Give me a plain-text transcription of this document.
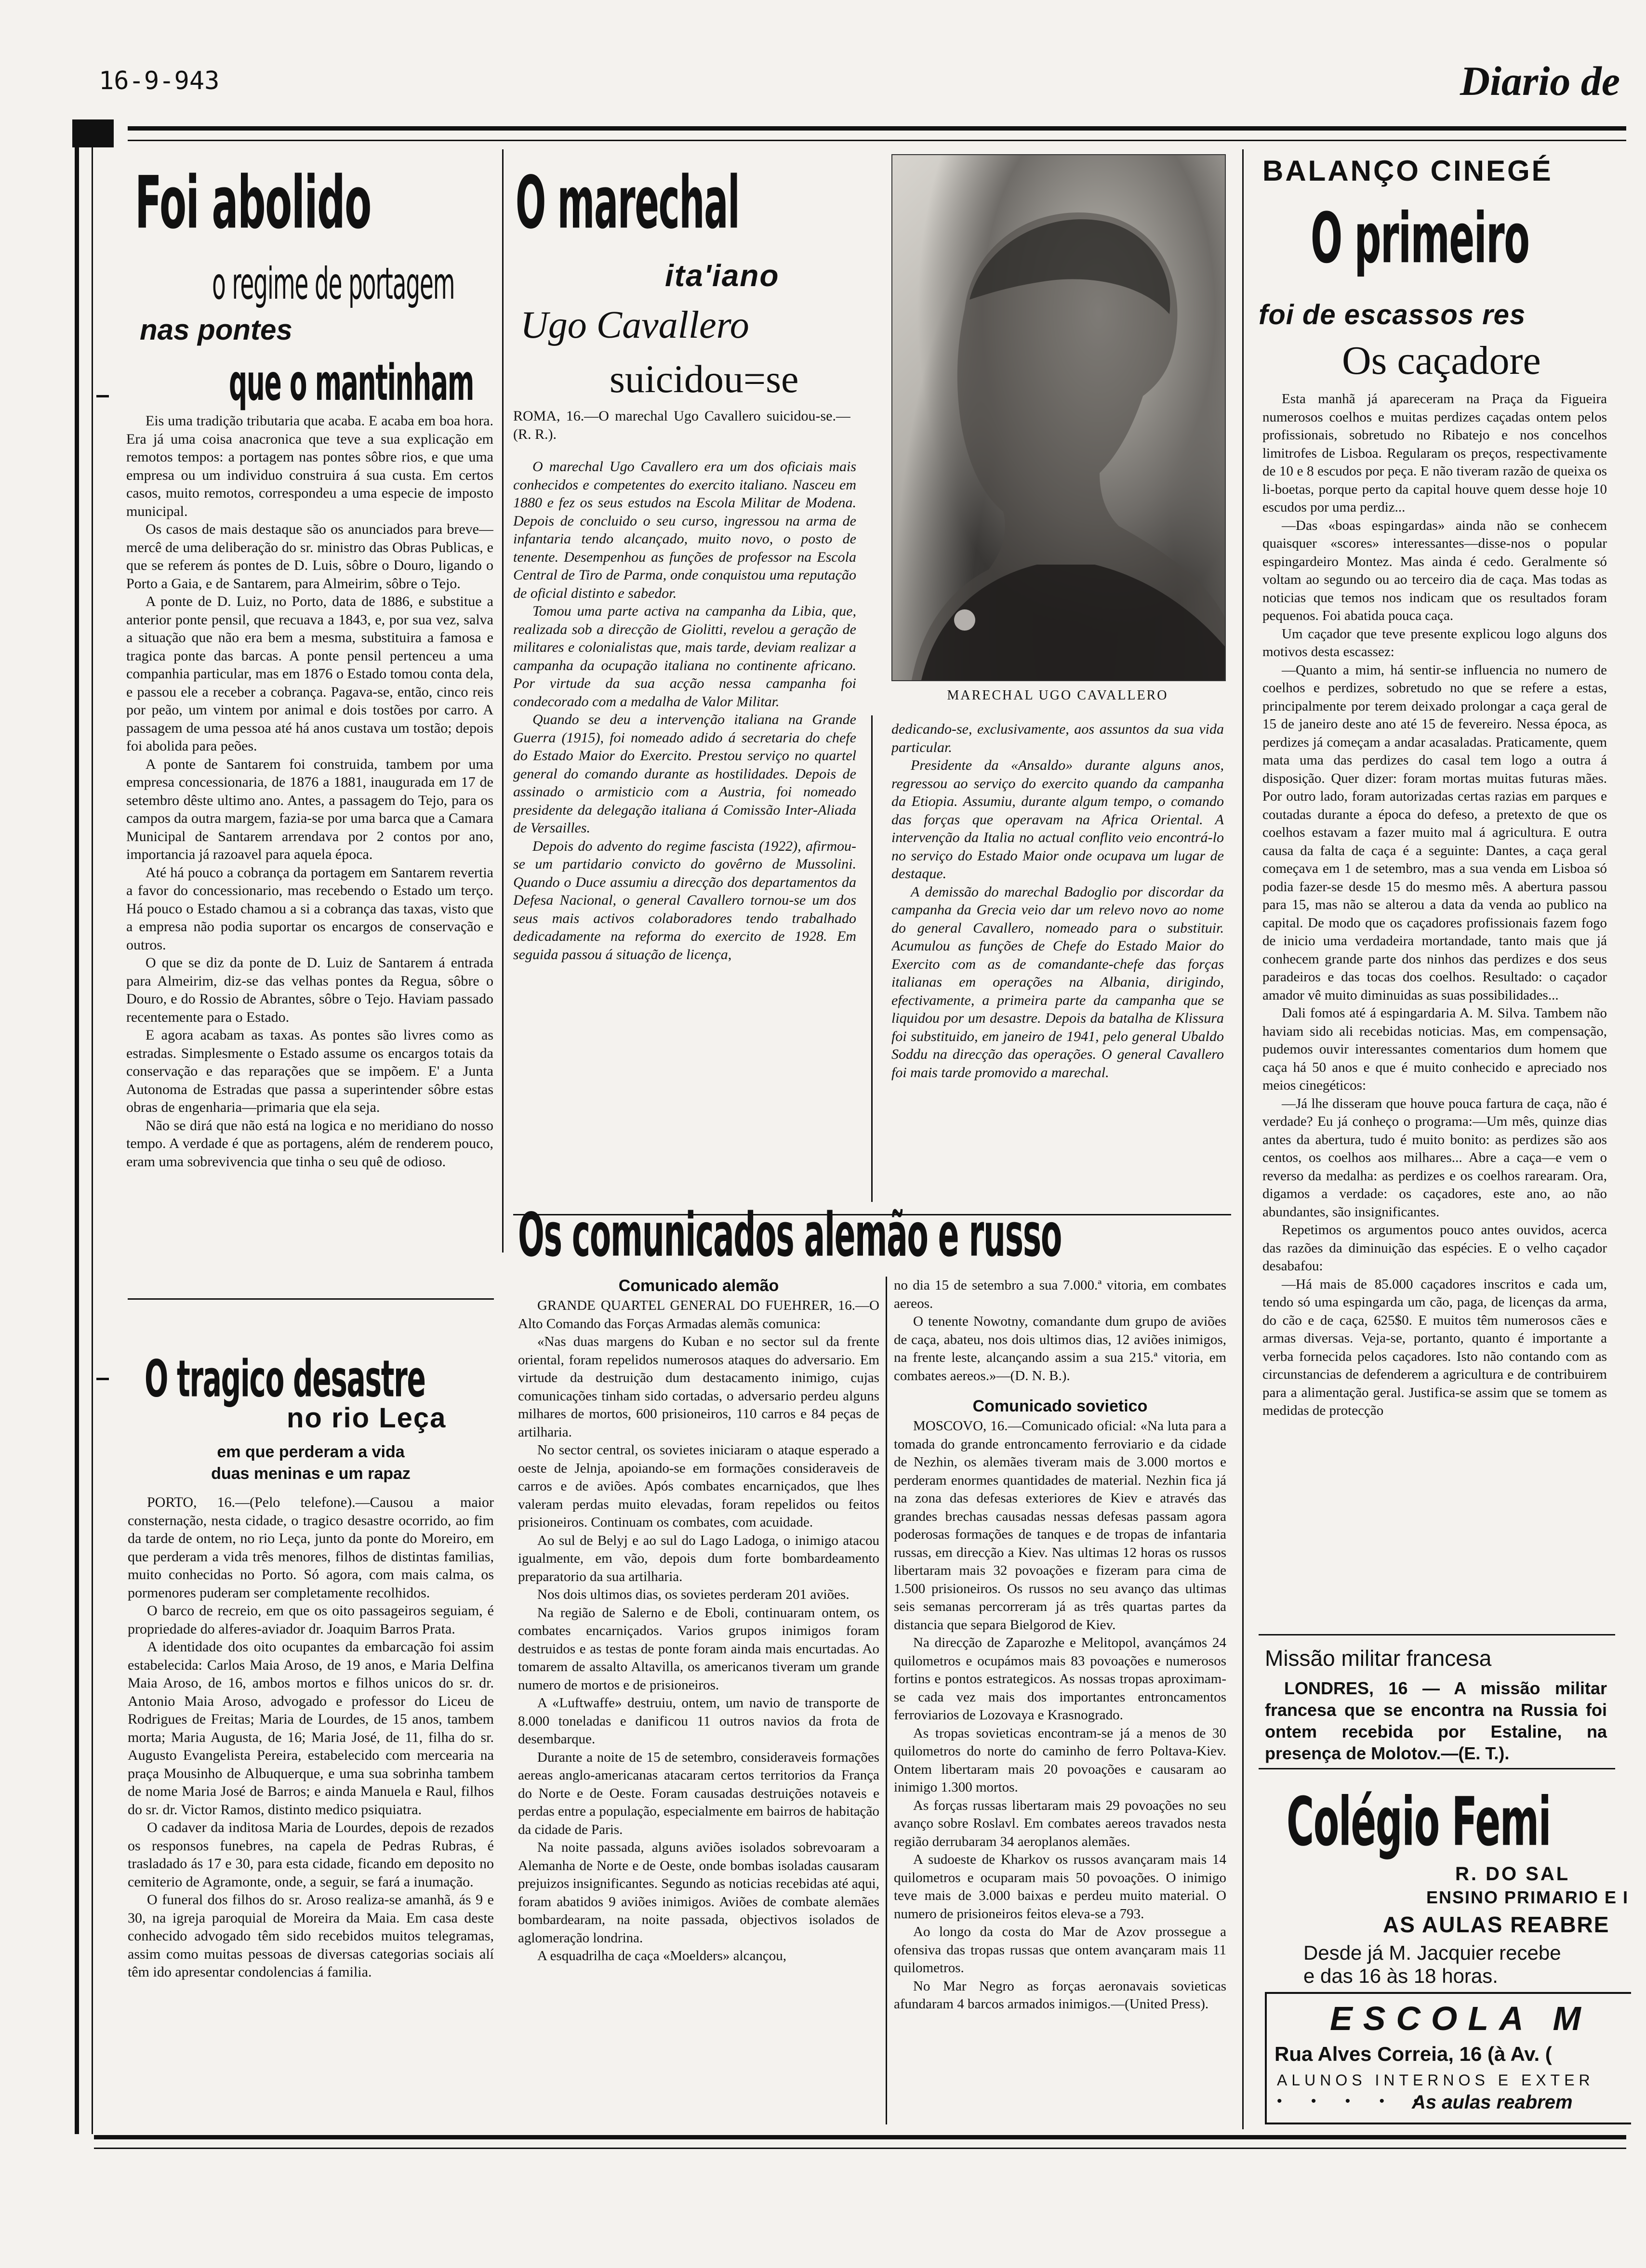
16-9-943	Diario de
Foi abolido
o regime de portagem
nas pontes
que o mantinham

Eis uma tradição tributaria que acaba. E acaba em boa hora. Era já uma coisa anacronica que teve a sua explicação em remotos tempos: a portagem nas pontes sôbre rios, e que uma empresa ou um individuo construira á sua custa. Em certos casos, muito remotos, correspondeu a uma especie de imposto municipal.

Os casos de mais destaque são os anunciados para breve—mercê de uma deliberação do sr. ministro das Obras Publicas, e que se referem ás pontes de D. Luis, sôbre o Douro, ligando o Porto a Gaia, e de Santarem, para Almeirim, sôbre o Tejo.

A ponte de D. Luiz, no Porto, data de 1886, e substitue a anterior ponte pensil, que recuava a 1843, e, por sua vez, salva a situação que não era bem a mesma, substituira a famosa e tragica ponte das barcas. A ponte pensil pertenceu a uma companhia particular, mas em 1876 o Estado tomou conta dela, e passou ele a receber a cobrança. Pagava-se, então, cinco reis por peão, um vintem por animal e dois tostões por carro. A passagem de uma pessoa até há anos custava um tostão; depois foi abolida para peões.

A ponte de Santarem foi construida, tambem por uma empresa concessionaria, de 1876 a 1881, inaugurada em 17 de setembro dêste ultimo ano. Antes, a passagem do Tejo, para os campos da outra margem, fazia-se por uma barca que a Camara Municipal de Santarem arrendava por 2 contos por ano, importancia já razoavel para aquela época.

Até há pouco a cobrança da portagem em Santarem revertia a favor do concessionario, mas recebendo o Estado um terço. Há pouco o Estado chamou a si a cobrança das taxas, visto que a empresa não podia suportar os encargos de conservação e outros.

O que se diz da ponte de D. Luiz de Santarem á entrada para Almeirim, diz-se das velhas pontes da Regua, sôbre o Douro, e do Rossio de Abrantes, sôbre o Tejo. Haviam passado recentemente para o Estado.

E agora acabam as taxas. As pontes são livres como as estradas. Simplesmente o Estado assume os encargos totais da conservação e das reparações que se impõem. E' a Junta Autonoma de Estradas que passa a superintender sôbre estas obras de engenharia—primaria que ela seja.

Não se dirá que não está na logica e no meridiano do nosso tempo. A verdade é que as portagens, além de renderem pouco, eram uma sobrevivencia que tinha o seu quê de odioso.

O tragico desastre
no rio Leça
em que perderam a vida
duas meninas e um rapaz

PORTO, 16.—(Pelo telefone).—Causou a maior consternação, nesta cidade, o tragico desastre ocorrido, ao fim da tarde de ontem, no rio Leça, junto da ponte do Moreiro, em que perderam a vida três menores, filhos de distintas familias, muito conhecidas no Porto. Só agora, com mais calma, os pormenores puderam ser completamente recolhidos.

O barco de recreio, em que os oito passageiros seguiam, é propriedade do alferes-aviador dr. Joaquim Barros Prata.

A identidade dos oito ocupantes da embarcação foi assim estabelecida: Carlos Maia Aroso, de 19 anos, e Maria Delfina Maia Aroso, de 16, ambos mortos e filhos unicos do sr. dr. Antonio Maia Aroso, advogado e professor do Liceu de Rodrigues de Freitas; Maria de Lourdes, de 15 anos, tambem morta; Maria Augusta, de 16; Maria José, de 11, filha do sr. Augusto Evangelista Pereira, estabelecido com mercearia na praça Mousinho de Albuquerque, e uma sua sobrinha tambem de nome Maria José de Barros; e ainda Manuela e Raul, filhos do sr. dr. Victor Ramos, distinto medico psiquiatra.

O cadaver da inditosa Maria de Lourdes, depois de rezados os responsos funebres, na capela de Pedras Rubras, é trasladado ás 17 e 30, para esta cidade, ficando em deposito no cemiterio de Agramonte, onde, a seguir, se fará a inumação.

O funeral dos filhos do sr. Aroso realiza-se amanhã, ás 9 e 30, na igreja paroquial de Moreira da Maia. Em casa deste conhecido advogado têm sido recebidos muitos telegramas, assim como muitas pessoas de diversas categorias sociais alí têm ido apresentar condolencias á familia.

O marechal
ita'iano
Ugo Cavallero
suicidou=se
ROMA, 16.—O marechal Ugo Cavallero suicidou-se.—(R. R.).

O marechal Ugo Cavallero era um dos oficiais mais conhecidos e competentes do exercito italiano. Nasceu em 1880 e fez os seus estudos na Escola Militar de Modena. Depois de concluido o seu curso, ingressou na arma de infantaria tendo alcançado, muito novo, o posto de tenente. Desempenhou as funções de professor na Escola Central de Tiro de Parma, onde conquistou uma reputação de oficial distinto e sabedor.

Tomou uma parte activa na campanha da Libia, que, realizada sob a direcção de Giolitti, revelou a geração de militares e colonialistas que, mais tarde, deviam realizar a campanha da ocupação italiana no continente africano. Por virtude da sua acção nessa campanha foi condecorado com a medalha de Valor Militar.

Quando se deu a intervenção italiana na Grande Guerra (1915), foi nomeado adido á secretaria do chefe do Estado Maior do Exercito. Prestou serviço no quartel general do comando durante as hostilidades. Depois de assinado o armisticio com a Austria, foi nomeado presidente da delegação italiana á Comissão Inter-Aliada de Versailles.

Depois do advento do regime fascista (1922), afirmou-se um partidario convicto do govêrno de Mussolini. Quando o Duce assumiu a direcção dos departamentos da Defesa Nacional, o general Cavallero tornou-se um dos seus mais activos colaboradores tendo trabalhado dedicadamente na reforma do exercito de 1928. Em seguida passou á situação de licença,

MARECHAL UGO CAVALLERO

dedicando-se, exclusivamente, aos assuntos da sua vida particular.

Presidente da «Ansaldo» durante alguns anos, regressou ao serviço do exercito quando da campanha da Etiopia. Assumiu, durante algum tempo, o comando das forças que operavam na Africa Oriental. A intervenção da Italia no actual conflito veio encontrá-lo no serviço do Estado Maior onde ocupava um lugar de destaque.

A demissão do marechal Badoglio por discordar da campanha da Grecia veio dar um relevo novo ao nome do general Cavallero, nomeado para o substituir. Acumulou as funções de Chefe do Estado Maior do Exercito com as de comandante-chefe das forças italianas em operações na Albania, dirigindo, efectivamente, a primeira parte da campanha que se liquidou por um desastre. Depois da batalha de Klissura foi substituido, em janeiro de 1941, pelo general Ubaldo Soddu na direcção das operações. O general Cavallero foi mais tarde promovido a marechal.

Os comunicados alemão e russo
Comunicado alemão

GRANDE QUARTEL GENERAL DO FUEHRER, 16.—O Alto Comando das Forças Armadas alemãs comunica:

«Nas duas margens do Kuban e no sector sul da frente oriental, foram repelidos numerosos ataques do adversario. Em virtude da destruição dum destacamento inimigo, cujas comunicações tinham sido cortadas, o adversario perdeu alguns milhares de mortos, 600 prisioneiros, 110 carros e 84 peças de artilharia.

No sector central, os sovietes iniciaram o ataque esperado a oeste de Jelnja, apoiando-se em formações consideraveis de carros e de aviões. Após combates encarniçados, que lhes valeram perdas muito elevadas, foram repelidos ou feitos prisioneiros. Continuam os combates, com acuidade.

Ao sul de Belyj e ao sul do Lago Ladoga, o inimigo atacou igualmente, em vão, depois dum forte bombardeamento preparatorio da sua artilharia.

Nos dois ultimos dias, os sovietes perderam 201 aviões.

Na região de Salerno e de Eboli, continuaram ontem, os combates encarniçados. Varios grupos inimigos foram destruidos e as testas de ponte foram ainda mais encurtadas. Ao tomarem de assalto Altavilla, os americanos tiveram um grande numero de mortos e de prisioneiros.

A «Luftwaffe» destruiu, ontem, um navio de transporte de 8.000 toneladas e danificou 11 outros navios da frota de desembarque.

Durante a noite de 15 de setembro, consideraveis formações aereas anglo-americanas atacaram certos territorios da França do Norte e de Oeste. Foram causadas destruições notaveis e perdas entre a população, especialmente em bairros de habitação da cidade de Paris.

Na noite passada, alguns aviões isolados sobrevoaram a Alemanha de Norte e de Oeste, onde bombas isoladas causaram prejuizos insignificantes. Segundo as noticias recebidas até aqui, foram abatidos 9 aviões inimigos. Aviões de combate alemães bombardearam, na noite passada, objectivos isolados de aglomeração londrina.

A esquadrilha de caça «Moelders» alcançou,

no dia 15 de setembro a sua 7.000.ª vitoria, em combates aereos.

O tenente Nowotny, comandante dum grupo de aviões de caça, abateu, nos dois ultimos dias, 12 aviões inimigos, na frente leste, alcançando assim a sua 215.ª vitoria, em combates aereos.»—(D. N. B.).

Comunicado sovietico

MOSCOVO, 16.—Comunicado oficial: «Na luta para a tomada do grande entroncamento ferroviario e da cidade de Nezhin, os alemães tiveram mais de 3.000 mortos e perderam enormes quantidades de material. Nezhin fica já na zona das defesas exteriores de Kiev e através das grandes brechas causadas nessas defesas passam agora poderosas formações de tanques e de tropas de infantaria russas, em direcção a Kiev. Nas ultimas 12 horas os russos libertaram mais 32 povoações e fizeram para cima de 1.500 prisioneiros. Os russos no seu avanço das ultimas seis semanas percorreram já as três quartas partes da distancia que separa Bielgorod de Kiev.

Na direcção de Zaparozhe e Melitopol, avançámos 24 quilometros e ocupámos mais 83 povoações e numerosos fortins e pontos estrategicos. As nossas tropas aproximam-se cada vez mais dos importantes entroncamentos ferroviarios de Lozovaya e Krasnogrado.

As tropas sovieticas encontram-se já a menos de 30 quilometros do norte do caminho de ferro Poltava-Kiev. Ontem libertaram mais 20 povoações e causaram ao inimigo 1.300 mortos.

As forças russas libertaram mais 29 povoações no seu avanço sobre Roslavl. Em combates aereos travados nesta região derrubaram 34 aeroplanos alemães.

A sudoeste de Kharkov os russos avançaram mais 14 quilometros e ocuparam mais 50 povoações. O inimigo teve mais de 3.000 baixas e perdeu muito material. O numero de prisioneiros feitos eleva-se a 793.

Ao longo da costa do Mar de Azov prossegue a ofensiva das tropas russas que ontem avançaram mais 11 quilometros.

No Mar Negro as forças aeronavais sovieticas afundaram 4 barcos armados inimigos.—(United Press).

BALANÇO CINEGÉ
O primeiro
foi de escassos res
Os caçadore

Esta manhã já apareceram na Praça da Figueira numerosos coelhos e muitas perdizes caçadas ontem pelos profissionais, sobretudo no Ribatejo e nos concelhos limitrofes de Lisboa. Regularam os preços, respectivamente de 10 e 8 escudos por peça. E não tiveram razão de queixa os li-boetas, porque perto da capital houve quem desse hoje 10 escudos por uma perdiz...

—Das «boas espingardas» ainda não se conhecem quaisquer «scores» interessantes—disse-nos o popular espingardeiro Montez. Mas ainda é cedo. Geralmente só voltam ao segundo ou ao terceiro dia de caça. Mas todas as noticias que temos nos indicam que os resultados foram pequenos. Foi abatida pouca caça.

Um caçador que teve presente explicou logo alguns dos motivos desta escassez:

—Quanto a mim, há sentir-se influencia no numero de coelhos e perdizes, sobretudo no que se refere a estas, principalmente por terem deixado prolongar a caça geral de 15 de janeiro deste ano até 15 de fevereiro. Nessa época, as perdizes já começam a andar acasaladas. Praticamente, quem mata uma das perdizes do casal tem logo a outra á disposição. Quer dizer: foram mortas muitas futuras mães. Por outro lado, foram autorizadas certas razias em parques e coutadas durante a época do defeso, a pretexto de que os coelhos estavam a fazer muito mal á agricultura. E outra causa da falta de caça é a seguinte: Dantes, a caça geral começava em 1 de setembro, mas a sua venda em Lisboa só podia fazer-se desde 15 do mesmo mês. A abertura passou para 15, mas não se alterou a data da venda ao publico na capital. De modo que os caçadores profissionais fazem fogo de inicio uma verdadeira mortandade, tanto mais que já conhecem grande parte dos ninhos das perdizes e dos seus paradeiros e das tocas dos coelhos. Resultado: o caçador amador vê muito diminuidas as suas possibilidades...

Dali fomos até á espingardaria A. M. Silva. Tambem não haviam sido ali recebidas noticias. Mas, em compensação, pudemos ouvir interessantes comentarios dum homem que caça há 50 anos e que é muito conhecido e apreciado nos meios cinegéticos:

—Já lhe disseram que houve pouca fartura de caça, não é verdade? Eu já conheço o programa:—Um mês, quinze dias antes da abertura, tudo é muito bonito: as perdizes são aos centos, os coelhos aos milhares... Abre a caça—e vem o reverso da medalha: as perdizes e os coelhos rarearam. Ora, digamos a verdade: os caçadores, este ano, ao não abundantes, são insignificantes.

Repetimos os argumentos pouco antes ouvidos, acerca das razões da diminuição das espécies. E o velho caçador desabafou:

—Há mais de 85.000 caçadores inscritos e cada um, tendo só uma espingarda um cão, paga, de licenças da arma, do cão e de caça, 625$0. E muitos têm numerosos cães e armas diversas. Veja-se, portanto, quanto é importante a verba fornecida pelos caçadores. Isto não contando com as circunstancias de defenderem a agricultura e de contribuirem para a alimentação geral. Justifica-se assim que se tomem as medidas de protecção

Missão militar francesa
LONDRES, 16 — A missão militar francesa que se encontra na Russia foi ontem recebida por Estaline, na presença de Molotov.—(E. T.).
Colégio Femi
R. DO SAL
ENSINO PRIMARIO E I
AS AULAS REABRE
Desde já M. Jacquier recebe
e das 16 às 18 horas.
ESCOLA M
Rua Alves Correia, 16 (à Av. (
ALUNOS INTERNOS E EXTER
• • • • • •
As aulas reabrem
